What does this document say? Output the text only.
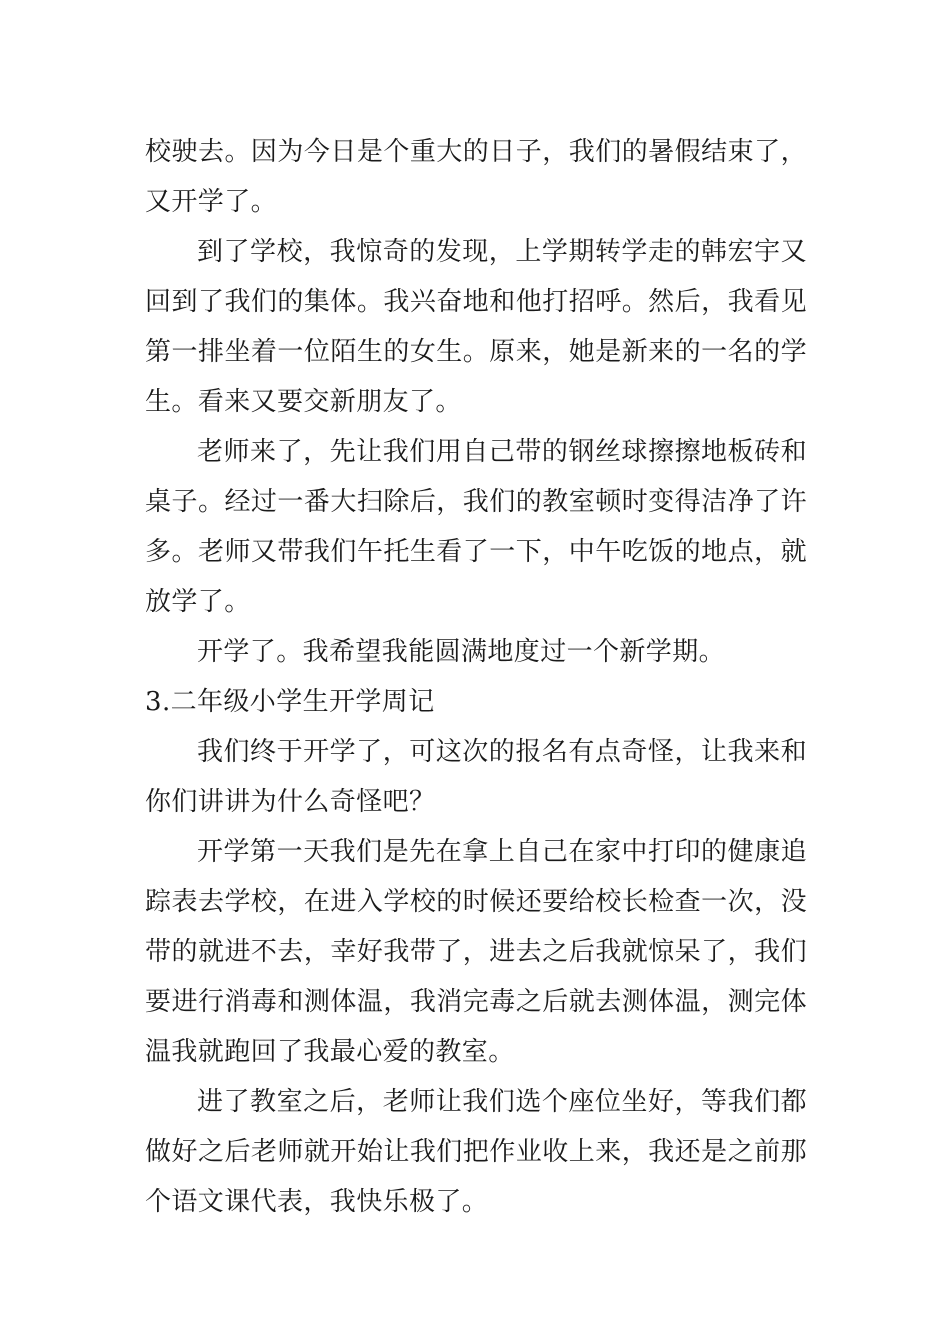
校驶去。因为今日是个重大的日子，我们的暑假结束了，又开学了。

到了学校，我惊奇的发现，上学期转学走的韩宏宇又回到了我们的集体。我兴奋地和他打招呼。然后，我看见第一排坐着一位陌生的女生。原来，她是新来的一名的学生。看来又要交新朋友了。

老师来了，先让我们用自己带的钢丝球擦擦地板砖和桌子。经过一番大扫除后，我们的教室顿时变得洁净了许多。老师又带我们午托生看了一下，中午吃饭的地点，就放学了。

开学了。我希望我能圆满地度过一个新学期。

3.二年级小学生开学周记

我们终于开学了，可这次的报名有点奇怪，让我来和你们讲讲为什么奇怪吧？

开学第一天我们是先在拿上自己在家中打印的健康追踪表去学校，在进入学校的时候还要给校长检查一次，没带的就进不去，幸好我带了，进去之后我就惊呆了，我们要进行消毒和测体温，我消完毒之后就去测体温，测完体温我就跑回了我最心爱的教室。

进了教室之后，老师让我们选个座位坐好，等我们都做好之后老师就开始让我们把作业收上来，我还是之前那个语文课代表，我快乐极了。
